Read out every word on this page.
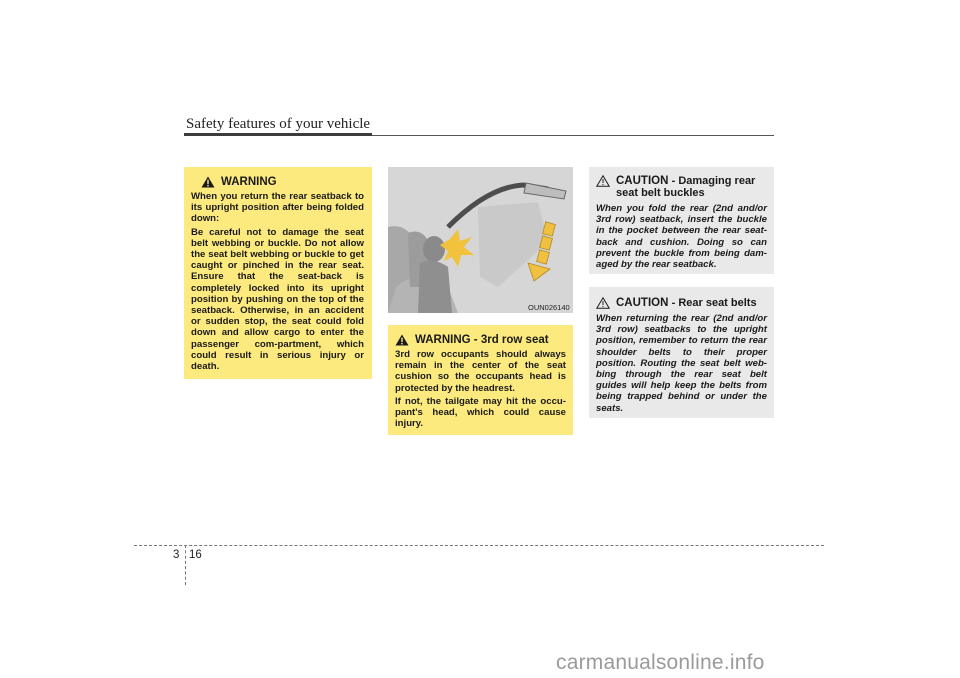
Safety features of your vehicle
WARNING

When you return the rear seatback to its upright position after being folded down:

Be careful not to damage the seat belt webbing or buckle. Do not allow the seat belt webbing or buckle to get caught or pinched in the rear seat. Ensure that the seat-back is completely locked into its upright position by pushing on the top of the seatback. Otherwise, in an accident or sudden stop, the seat could fold down and allow cargo to enter the passenger com-partment, which could result in serious injury or death.

OUN026140
WARNING - 3rd row seat

3rd row occupants should always remain in the center of the seat cushion so the occupants head is protected by the headrest.

If not, the tailgate may hit the occu-pant's head, which could cause injury.

CAUTION - Damaging rear seat belt buckles
When you fold the rear (2nd and/or 3rd row) seatback, insert the buckle in the pocket between the rear seat-back and cushion. Doing so can prevent the buckle from being dam-aged by the rear seatback.
CAUTION - Rear seat belts
When returning the rear (2nd and/or 3rd row) seatbacks to the upright position, remember to return the rear shoulder belts to their proper position. Routing the seat belt web-bing through the rear seat belt guides will help keep the belts from being trapped behind or under the seats.
3 16
carmanualsonline.info
